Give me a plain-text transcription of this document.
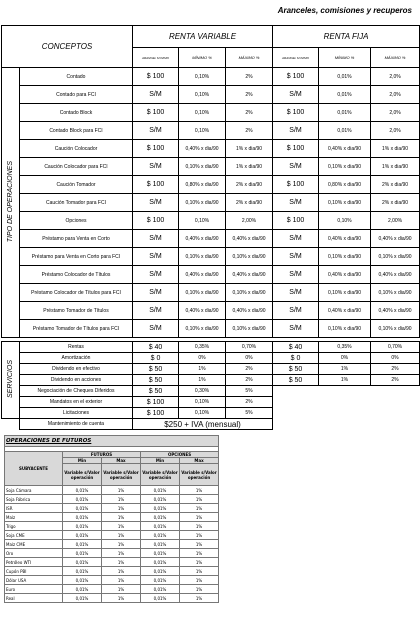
Aranceles, comisiones y recuperos
CONCEPTOS		RENTA VARIABLE			RENTA FIJA		
		ARANCEL M INIMO	MÍNIMO %	MÁXIMO %	ARANCEL M INIMO	MÍNIMO %	MÁXIMO %
TIPO DE OPERACIONES	Contado	$ 100	0,10%	2%	$ 100	0,01%	2,0%
	Contado para FCI	S/M	0,10%	2%	S/M	0,01%	2,0%
	Contado Block	$ 100	0,10%	2%	$ 100	0,01%	2,0%
	Contado Block para FCI	S/M	0,10%	2%	S/M	0,01%	2,0%
	Caución Colocador	$ 100	0,40% x dia/90	1% x dia/90	$ 100	0,40% x dia/90	1% x dia/90
	Caución Colocador para FCI	S/M	0,10% x dia/90	1% x dia/90	S/M	0,10% x dia/90	1% x dia/90
	Caución Tomador	$ 100	0,80% x dia/90	2% x dia/90	$ 100	0,80% x dia/90	2% x dia/90
	Caución Tomador para FCI	S/M	0,10% x dia/90	2% x dia/90	S/M	0,10% x dia/90	2% x dia/90
	Opciones	$ 100	0,10%	2,00%	$ 100	0,10%	2,00%
	Préstamo para Venta en Corto	S/M	0,40% x dia/90	0,40% x dia/90	S/M	0,40% x dia/90	0,40% x dia/90
	Préstamo para Venta en Corto para FCI	S/M	0,10% x dia/90	0,10% x dia/90	S/M	0,10% x dia/90	0,10% x dia/90
	Préstamo Colocador de Títulos	S/M	0,40% x dia/90	0,40% x dia/90	S/M	0,40% x dia/90	0,40% x dia/90
	Préstamo Colocador de Títulos para FCI	S/M	0,10% x dia/90	0,10% x dia/90	S/M	0,10% x dia/90	0,10% x dia/90
	Préstamo Tomador de Títulos	S/M	0,40% x dia/90	0,40% x dia/90	S/M	0,40% x dia/90	0,40% x dia/90
	Préstamo Tomador de Títulos para FCI	S/M	0,10% x dia/90	0,10% x dia/90	S/M	0,10% x dia/90	0,10% x dia/90

SERVICIOS	Rentas	$ 40	0,35%	0,70%	$ 40	0,35%	0,70%
	Amortización	$ 0	0%	0%	$ 0	0%	0%
	Dividendo en efectivo	$ 50	1%	2%	$ 50	1%	2%
	Dividendo en acciones	$ 50	1%	2%	$ 50	1%	2%
	Negociación de Cheques Diferidos	$ 50	0,30%	5%			
	Mandatos en el exterior	$ 100	0,10%	2%			
	Licitaciones	$ 100	0,10%	5%			
	Mantenimiento de cuenta	$250 + IVA (mensual)					
OPERACIONES DE FUTUROS				

SUBYACENTE	FUTUROS		OPCIONES	
	Min	Max	Min	Max
	Variable s/Valor operación	Variable s/Valor operación	Variable s/Valor operación	Variable s/Valor operación
Soja Cámara	0,01%	1%	0,01%	1%
Soja Fábrica	0,01%	1%	0,01%	1%
ISR	0,01%	1%	0,01%	1%
Maíz	0,01%	1%	0,01%	1%
Trigo	0,01%	1%	0,01%	1%
Soja CME	0,01%	1%	0,01%	1%
Maíz CME	0,01%	1%	0,01%	1%
Oro	0,01%	1%	0,01%	1%
Petróleo WTI	0,01%	1%	0,01%	1%
Cupón PBI	0,01%	1%	0,01%	1%
Dólar USA	0,01%	1%	0,01%	1%
Euro	0,01%	1%	0,01%	1%
Real	0,01%	1%	0,01%	1%
